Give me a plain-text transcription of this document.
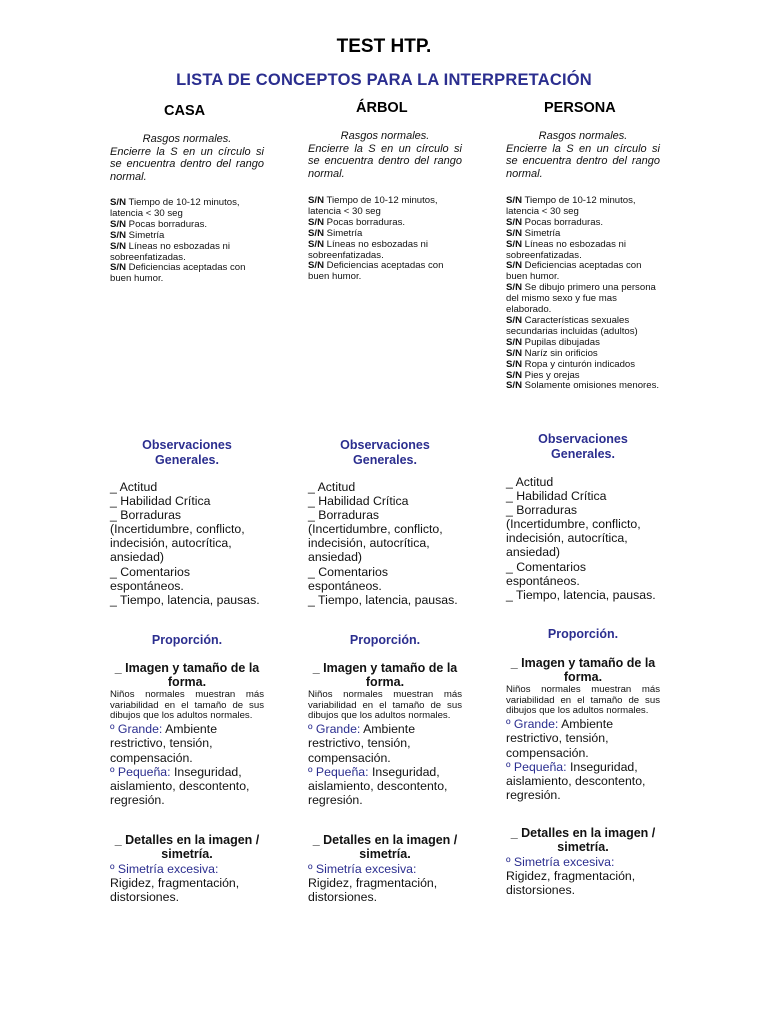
TEST HTP.
LISTA DE CONCEPTOS PARA LA INTERPRETACIÓN
CASA
Rasgos normales.
Encierre la S en un círculo si se encuentra dentro del rango normal.
S/N Tiempo de 10-12 minutos, latencia < 30 seg
S/N Pocas borraduras.
S/N Simetría
S/N Líneas no esbozadas ni sobreenfatizadas.
S/N Deficiencias aceptadas con buen humor.
Observaciones Generales.
_ Actitud
_ Habilidad Crítica
_ Borraduras (Incertidumbre, conflicto, indecisión, autocrítica, ansiedad)
_ Comentarios espontáneos.
_ Tiempo, latencia, pausas.
Proporción.
_ Imagen y tamaño de la forma.
Niños normales muestran más variabilidad en el tamaño de sus dibujos que los adultos normales.
º Grande: Ambiente restrictivo, tensión, compensación.
º Pequeña: Inseguridad, aislamiento, descontento, regresión.
_ Detalles en la imagen / simetría.
º Simetría excesiva: Rigidez, fragmentación, distorsiones.
ÁRBOL
Rasgos normales.
Encierre la S en un círculo si se encuentra dentro del rango normal.
S/N Tiempo de 10-12 minutos, latencia < 30 seg
S/N Pocas borraduras.
S/N Simetría
S/N Líneas no esbozadas ni sobreenfatizadas.
S/N Deficiencias aceptadas con buen humor.
Observaciones Generales.
_ Actitud
_ Habilidad Crítica
_ Borraduras (Incertidumbre, conflicto, indecisión, autocrítica, ansiedad)
_ Comentarios espontáneos.
_ Tiempo, latencia, pausas.
Proporción.
_ Imagen y tamaño de la forma.
Niños normales muestran más variabilidad en el tamaño de sus dibujos que los adultos normales.
º Grande: Ambiente restrictivo, tensión, compensación.
º Pequeña: Inseguridad, aislamiento, descontento, regresión.
_ Detalles en la imagen / simetría.
º Simetría excesiva: Rigidez, fragmentación, distorsiones.
PERSONA
Rasgos normales.
Encierre la S en un círculo si se encuentra dentro del rango normal.
S/N Tiempo de 10-12 minutos, latencia < 30 seg
S/N Pocas borraduras.
S/N Simetría
S/N Líneas no esbozadas ni sobreenfatizadas.
S/N Deficiencias aceptadas con buen humor.
S/N Se dibujo primero una persona del mismo sexo y fue mas elaborado.
S/N Características sexuales secundarias incluidas (adultos)
S/N Pupilas dibujadas
S/N Naríz sin orificios
S/N Ropa y cinturón indicados
S/N Pies y orejas
S/N Solamente omisiones menores.
Observaciones Generales.
_ Actitud
_ Habilidad Crítica
_ Borraduras (Incertidumbre, conflicto, indecisión, autocrítica, ansiedad)
_ Comentarios espontáneos.
_ Tiempo, latencia, pausas.
Proporción.
_ Imagen y tamaño de la forma.
Niños normales muestran más variabilidad en el tamaño de sus dibujos que los adultos normales.
º Grande: Ambiente restrictivo, tensión, compensación.
º Pequeña: Inseguridad, aislamiento, descontento, regresión.
_ Detalles en la imagen / simetría.
º Simetría excesiva: Rigidez, fragmentación, distorsiones.
